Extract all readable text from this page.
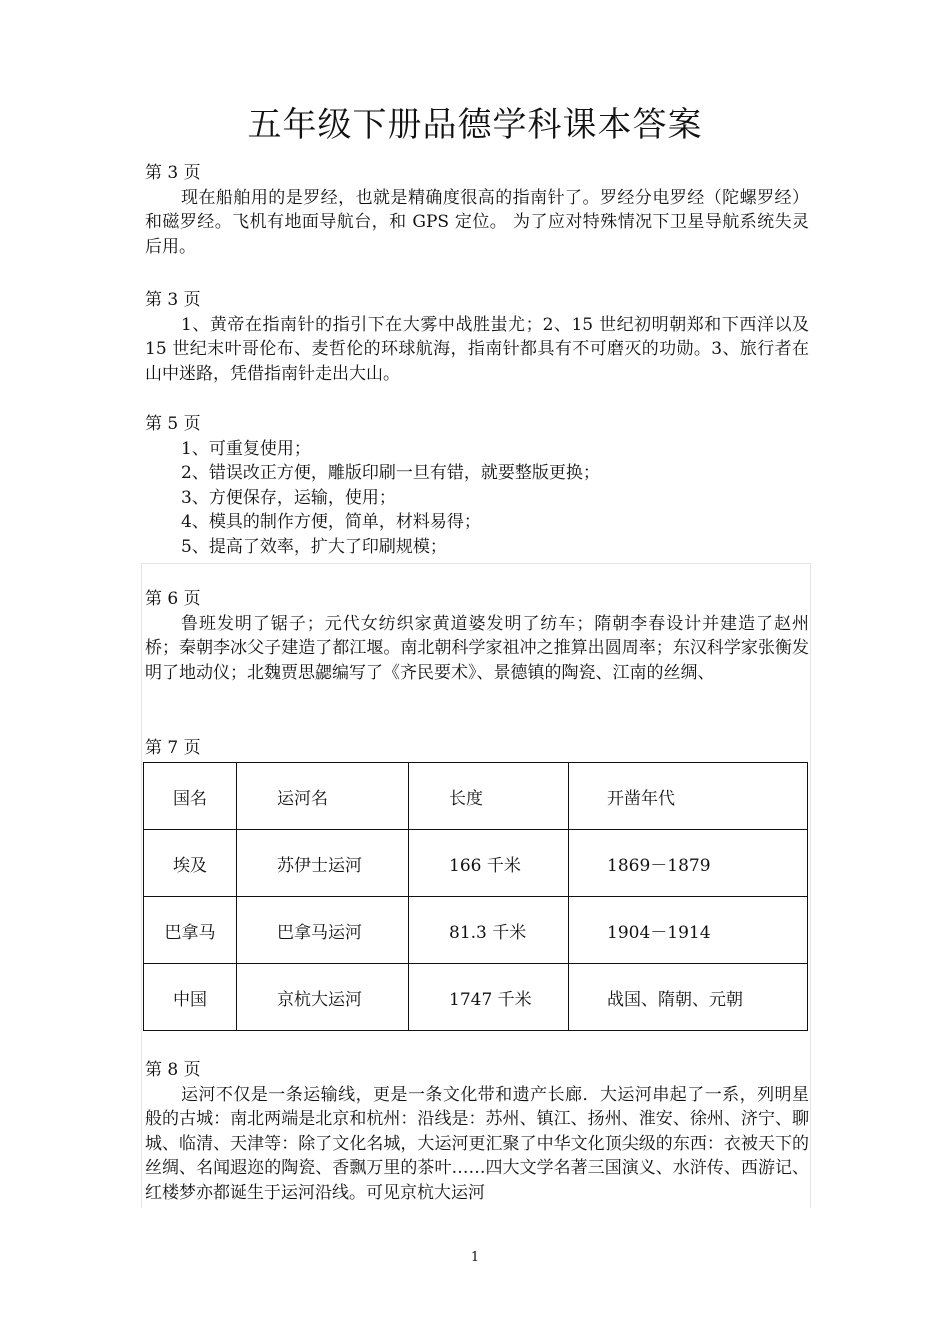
五年级下册品德学科课本答案

第 3 页

现在船舶用的是罗经，也就是精确度很高的指南针了。罗经分电罗经（陀螺罗经）和磁罗经。飞机有地面导航台，和 GPS 定位。 为了应对特殊情况下卫星导航系统失灵后用。

第 3 页

1、黄帝在指南针的指引下在大雾中战胜蚩尤；2、15 世纪初明朝郑和下西洋以及 15 世纪末叶哥伦布、麦哲伦的环球航海，指南针都具有不可磨灭的功勋。3、旅行者在山中迷路，凭借指南针走出大山。

第 5 页

1、可重复使用；
2、错误改正方便，雕版印刷一旦有错，就要整版更换；
3、方便保存，运输，使用；
4、模具的制作方便，简单，材料易得；
5、提高了效率，扩大了印刷规模；

第 6 页

鲁班发明了锯子；元代女纺织家黄道婆发明了纺车；隋朝李春设计并建造了赵州桥；秦朝李冰父子建造了都江堰。南北朝科学家祖冲之推算出圆周率；东汉科学家张衡发明了地动仪；北魏贾思勰编写了《齐民要术》、景德镇的陶瓷、江南的丝绸、

第 7 页

国名	运河名	长度	开凿年代
埃及	苏伊士运河	166 千米	1869－1879
巴拿马	巴拿马运河	81.3 千米	1904－1914
中国	京杭大运河	1747 千米	战国、隋朝、元朝

第 8 页

运河不仅是一条运输线，更是一条文化带和遗产长廊．大运河串起了一系，列明星般的古城：南北两端是北京和杭州：沿线是：苏州、镇江、扬州、淮安、徐州、济宁、聊城、临清、天津等：除了文化名城，大运河更汇聚了中华文化顶尖级的东西：衣被天下的丝绸、名闻遐迩的陶瓷、香飘万里的茶叶……四大文学名著三国演义、水浒传、西游记、红楼梦亦都诞生于运河沿线。可见京杭大运河

1
